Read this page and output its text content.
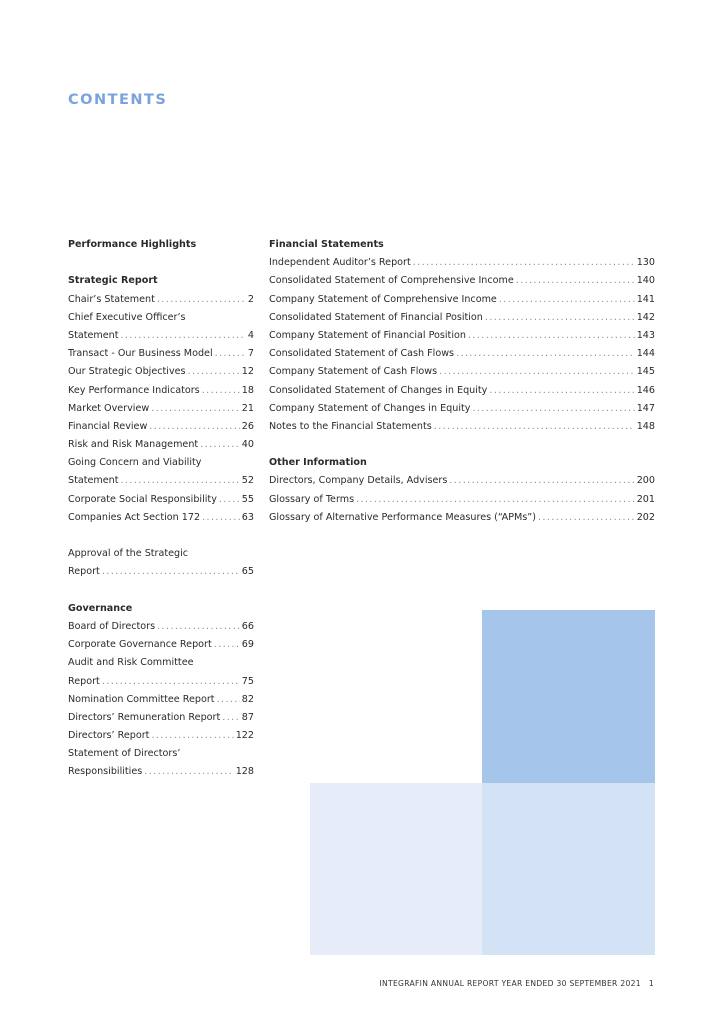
CONTENTS
Performance Highlights
Strategic Report
Chair’s Statement .....	2
Chief Executive Officer’s
Statement .....	4
Transact - Our Business Model .....	7
Our Strategic Objectives .....	12
Key Performance Indicators .....	18
Market Overview .....	21
Financial Review .....	26
Risk and Risk Management .....	40
Going Concern and Viability
Statement .....	52
Corporate Social Responsibility .....	55
Companies Act Section 172 .....	63
Approval of the Strategic
Report .....	65
Governance
Board of Directors .....	66
Corporate Governance Report .....	69
Audit and Risk Committee
Report .....	75
Nomination Committee Report .....	82
Directors’ Remuneration Report ..... 87
Directors’ Report .....	122
Statement of Directors’
Responsibilities .....	128
Financial Statements
Independent Auditor’s Report .....	130
Consolidated Statement of Comprehensive Income .....	140
Company Statement of Comprehensive Income .....	141
Consolidated Statement of Financial Position .....	142
Company Statement of Financial Position .....	143
Consolidated Statement of Cash Flows .....	144
Company Statement of Cash Flows .....	145
Consolidated Statement of Changes in Equity .....	146
Company Statement of Changes in Equity .....	147
Notes to the Financial Statements .....	148
Other Information
Directors, Company Details, Advisers .....	200
Glossary of Terms .....	201
Glossary of Alternative Performance Measures (“APMs”) .....	202
INTEGRAFIN ANNUAL REPORT YEAR ENDED 30 SEPTEMBER 2021 1
